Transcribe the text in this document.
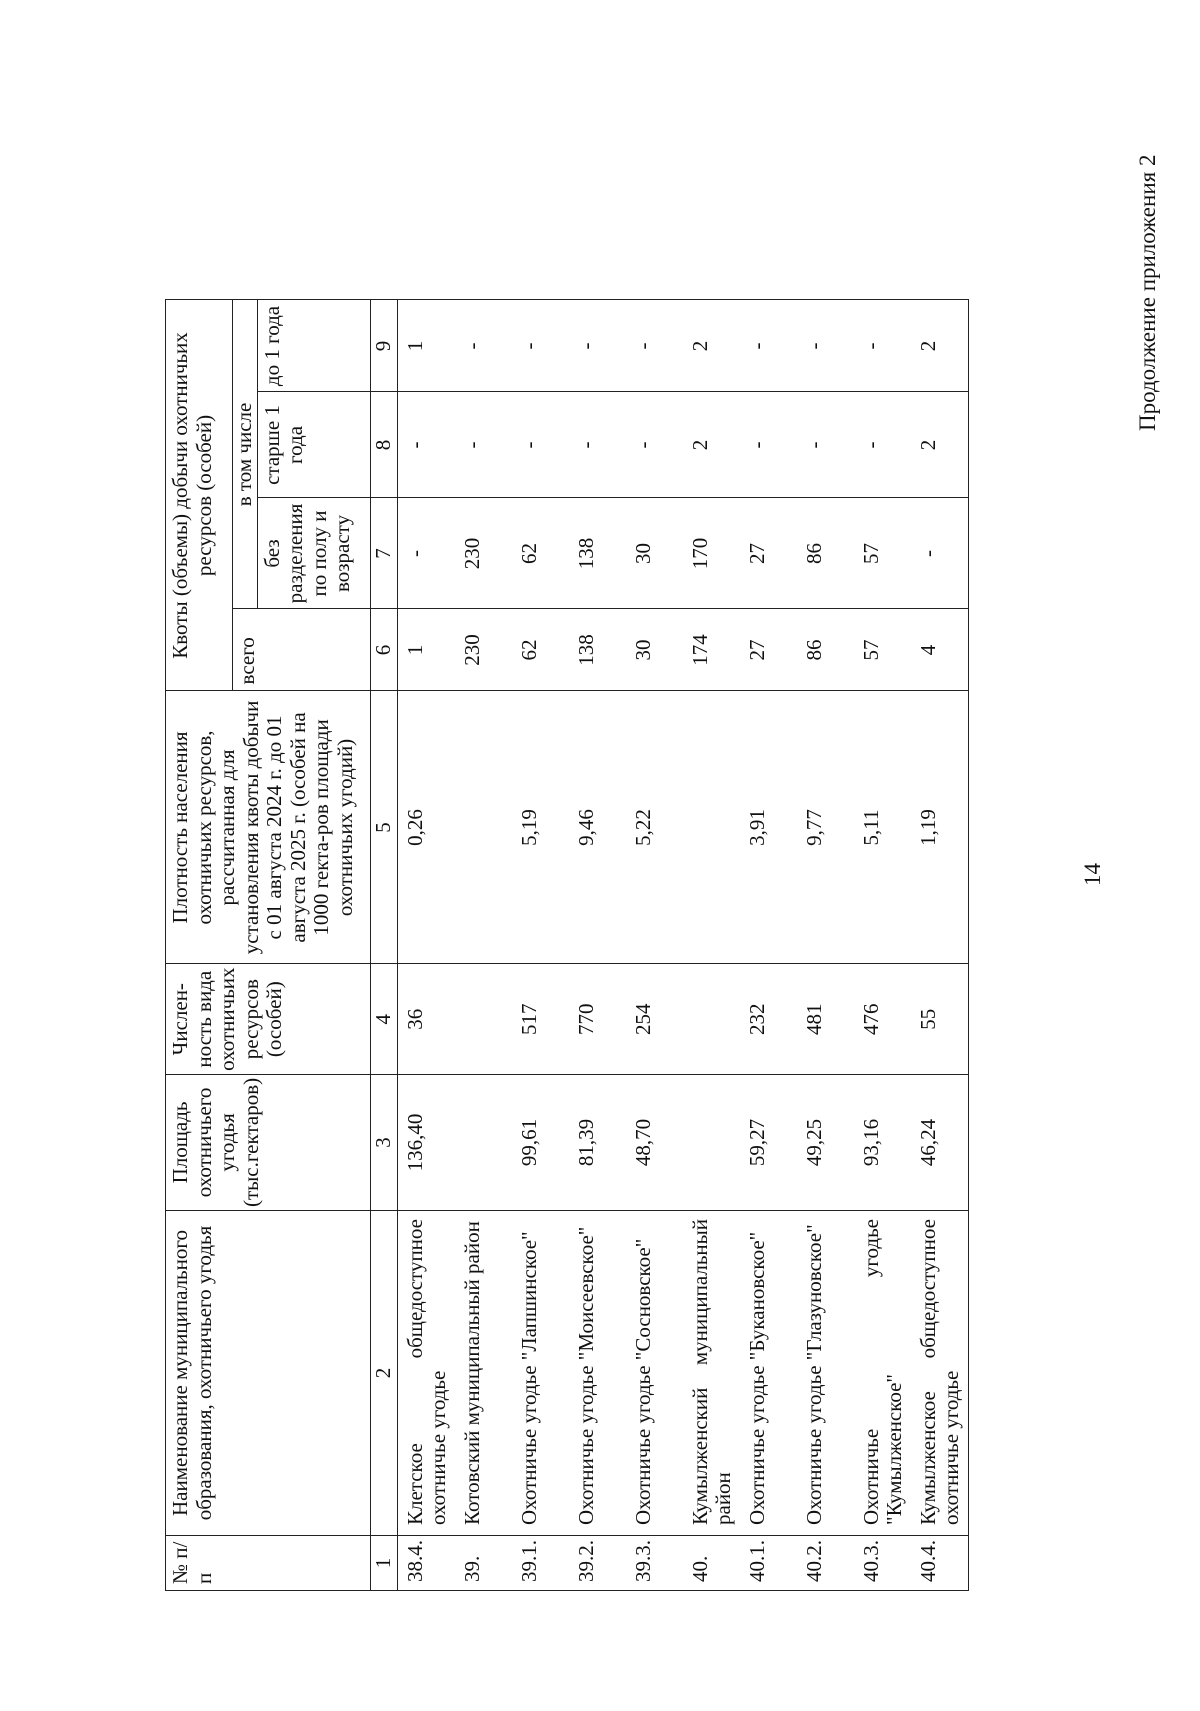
14
Продолжение приложения 2
№ п/п	Наименование муниципального образования, охотничьего угодья	Площадь охотничьего угодья (тыс.гектаров)	Числен-ность вида охотничьих ресурсов (особей)	Плотность населения охотничьих ресурсов, рассчитанная для установления квоты добычи с 01 августа 2024 г. до 01 августа 2025 г. (особей на 1000 гекта-ров площади охотничьих угодий)	Квоты (объемы) добычи охотничьих ресурсов (особей)			
					всего	в том числе		
						без разделения по полу и возрасту	старше 1 года	до 1 года
1	2	3	4	5	6	7	8	9
38.4.	Клетское общедоступное охотничье угодье	136,40	36	0,26	1	-	-	1
39.	Котовский муниципальный район				230	230	-	-
39.1.	Охотничье угодье "Лапшинское"	99,61	517	5,19	62	62	-	-
39.2.	Охотничье угодье "Моисеевское"	81,39	770	9,46	138	138	-	-
39.3.	Охотничье угодье "Сосновское"	48,70	254	5,22	30	30	-	-
40.	Кумылженский муниципальный район				174	170	2	2
40.1.	Охотничье угодье "Букановское"	59,27	232	3,91	27	27	-	-
40.2.	Охотничье угодье "Глазуновское"	49,25	481	9,77	86	86	-	-
40.3.	Охотничье угодье "Кумылженское"	93,16	476	5,11	57	57	-	-
40.4.	Кумылженское общедоступное охотничье угодье	46,24	55	1,19	4	-	2	2
